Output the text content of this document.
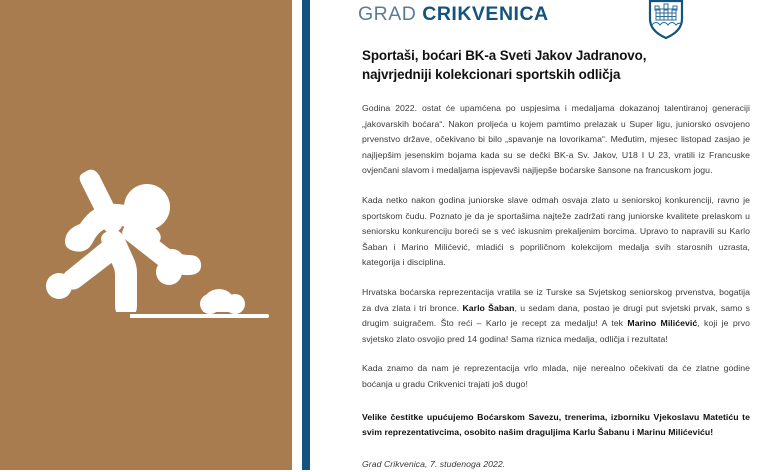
GRAD CRIKVENICA
Sportaši, boćari BK-a Sveti Jakov Jadranovo,
najvrjedniji kolekcionari sportskih odličja

Godina 2022. ostat će upamćena po uspjesima i medaljama dokazanoj talentiranoj generaciji „jakovarskih boćara“. Nakon proljeća u kojem pamtimo prelazak u Super ligu, juniorsko osvojeno prvenstvo države, očekivano bi bilo „spavanje na lovorikama“. Međutim, mjesec listopad zasjao je najljepšim jesenskim bojama kada su se dečki BK-a Sv. Jakov, U18 I U 23, vratili iz Francuske ovjenčani slavom i medaljama ispjevavši najljepše boćarske šansone na francuskom jogu.

Kada netko nakon godina juniorske slave odmah osvaja zlato u seniorskoj konkurenciji, ravno je sportskom čudu. Poznato je da je sportašima najteže zadržati rang juniorske kvalitete prelaskom u seniorsku konkurenciju boreći se s već iskusnim prekaljenim borcima. Upravo to napravili su Karlo Šaban i Marino Milićević, mladići s popriličnom kolekcijom medalja svih starosnih uzrasta, kategorija i disciplina.

Hrvatska boćarska reprezentacija vratila se iz Turske sa Svjetskog seniorskog prvenstva, bogatija za dva zlata i tri bronce. Karlo Šaban, u sedam dana, postao je drugi put svjetski prvak, samo s drugim suigračem. Što reći – Karlo je recept za medalju! A tek Marino Milićević, koji je prvo svjetsko zlato osvojio pred 14 godina! Sama riznica medalja, odličja i rezultata!

Kada znamo da nam je reprezentacija vrlo mlada, nije nerealno očekivati da će zlatne godine boćanja u gradu Crikvenici trajati još dugo!

Velike čestitke upućujemo Boćarskom Savezu, trenerima, izborniku Vjekoslavu Matetiću te svim reprezentativcima, osobito našim draguljima Karlu Šabanu i Marinu Milićeviću!

Grad Crikvenica, 7. studenoga 2022.
